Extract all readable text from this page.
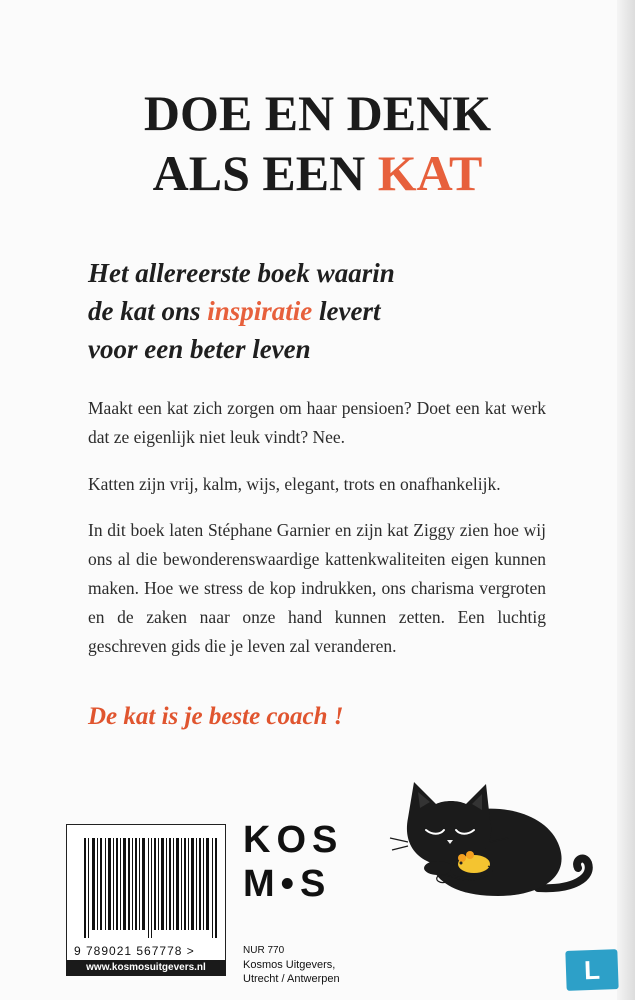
DOE EN DENK
ALS EEN KAT
Het allereerste boek waarin
de kat ons inspiratie levert
voor een beter leven

Maakt een kat zich zorgen om haar pensioen? Doet een kat werk dat ze eigenlijk niet leuk vindt? Nee.

Katten zijn vrij, kalm, wijs, elegant, trots en onafhankelijk.

In dit boek laten Stéphane Garnier en zijn kat Ziggy zien hoe wij ons al die bewonderenswaardige kattenkwaliteiten eigen kunnen maken. Hoe we stress de kop indrukken, ons charisma vergroten en de zaken naar onze hand kunnen zetten. Een luchtig geschreven gids die je leven zal veranderen.

De kat is je beste coach !
9 789021 567778 >
www.kosmosuitgevers.nl
KOS
M•S
NUR 770
Kosmos Uitgevers,
Utrecht / Antwerpen	L
